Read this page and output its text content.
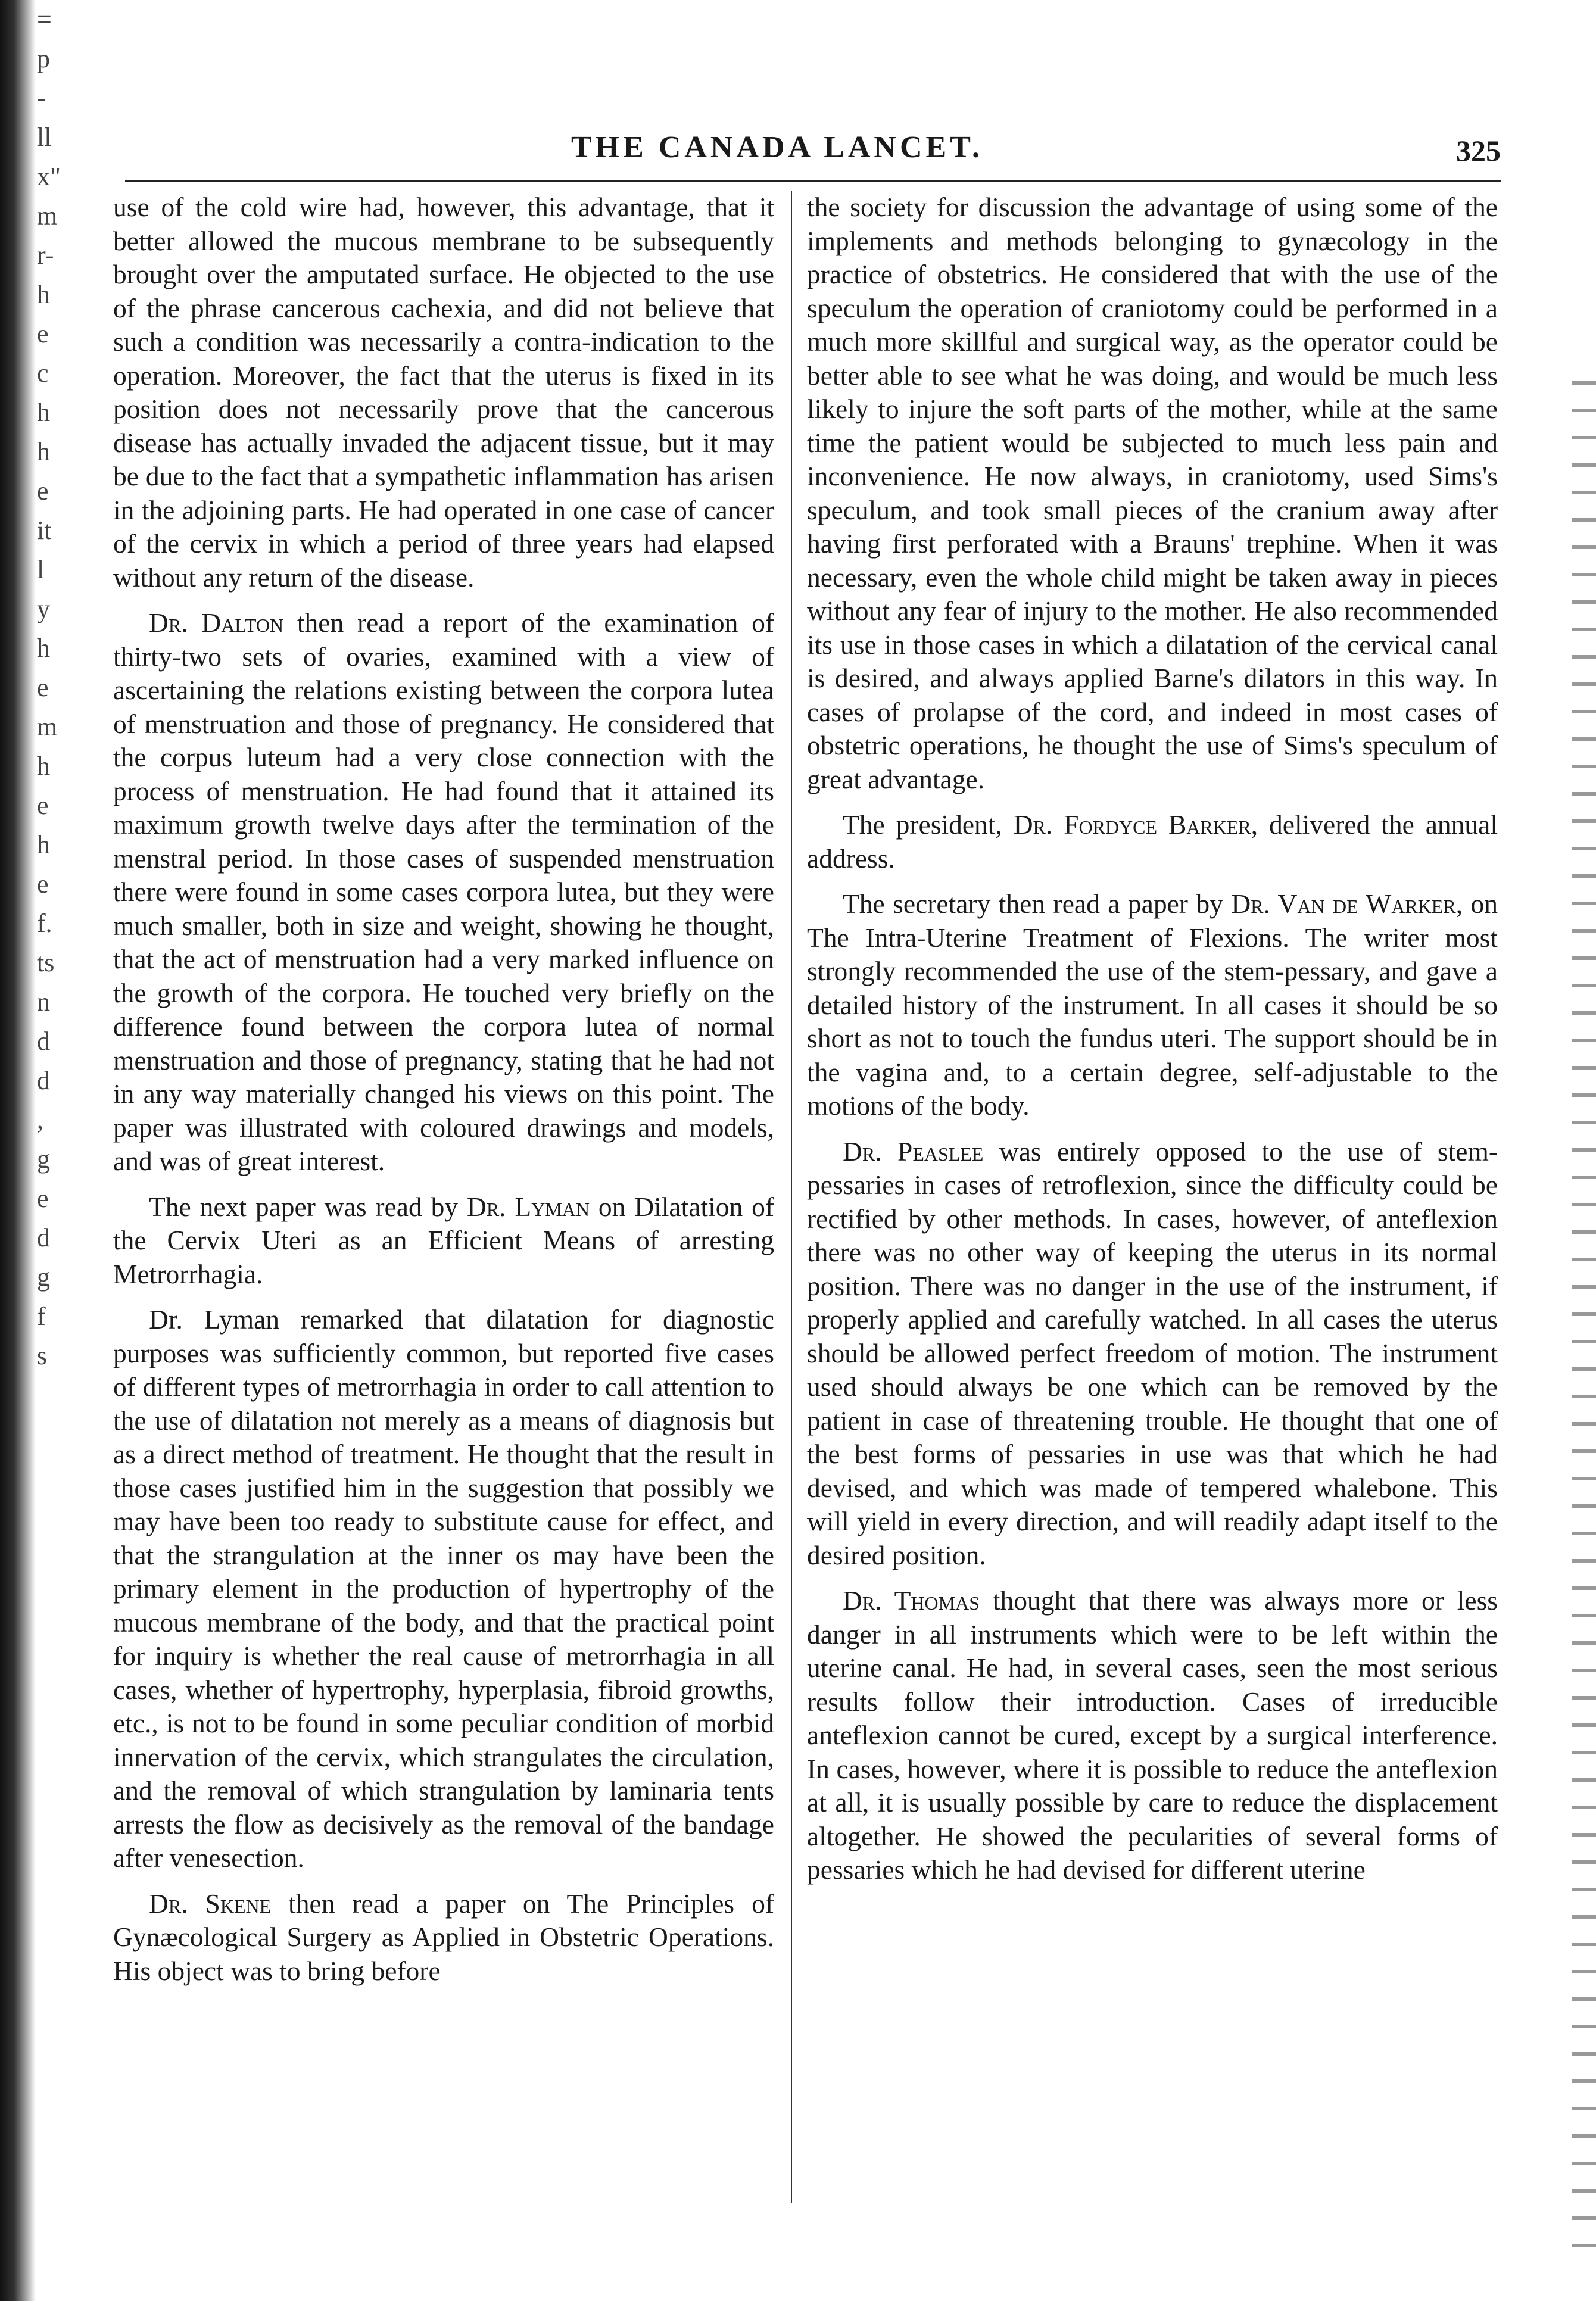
= p- ll x" m r- he ch he it ly he m he he f. ts n d d , g e d g f s
THE CANADA LANCET.	325

use of the cold wire had, however, this advantage, that it better allowed the mucous membrane to be subsequently brought over the amputated surface. He objected to the use of the phrase cancerous cachexia, and did not believe that such a condition was necessarily a contra-indication to the operation. Moreover, the fact that the uterus is fixed in its position does not necessarily prove that the cancerous disease has actually invaded the adjacent tissue, but it may be due to the fact that a sympathetic inflammation has arisen in the adjoining parts. He had operated in one case of cancer of the cervix in which a period of three years had elapsed without any return of the disease.

Dr. Dalton then read a report of the examination of thirty-two sets of ovaries, examined with a view of ascertaining the relations existing between the corpora lutea of menstruation and those of pregnancy. He considered that the corpus luteum had a very close connection with the process of menstruation. He had found that it attained its maximum growth twelve days after the termination of the menstral period. In those cases of suspended menstruation there were found in some cases corpora lutea, but they were much smaller, both in size and weight, showing he thought, that the act of menstruation had a very marked influence on the growth of the corpora. He touched very briefly on the difference found between the corpora lutea of normal menstruation and those of pregnancy, stating that he had not in any way materially changed his views on this point. The paper was illustrated with coloured drawings and models, and was of great interest.

The next paper was read by Dr. Lyman on Dilatation of the Cervix Uteri as an Efficient Means of arresting Metrorrhagia.

Dr. Lyman remarked that dilatation for diagnostic purposes was sufficiently common, but reported five cases of different types of metrorrhagia in order to call attention to the use of dilatation not merely as a means of diagnosis but as a direct method of treatment. He thought that the result in those cases justified him in the suggestion that possibly we may have been too ready to substitute cause for effect, and that the strangulation at the inner os may have been the primary element in the production of hypertrophy of the mucous membrane of the body, and that the practical point for inquiry is whether the real cause of metrorrhagia in all cases, whether of hypertrophy, hyperplasia, fibroid growths, etc., is not to be found in some peculiar condition of morbid innervation of the cervix, which strangulates the circulation, and the removal of which strangulation by laminaria tents arrests the flow as decisively as the removal of the bandage after venesection.

Dr. Skene then read a paper on The Principles of Gynæcological Surgery as Applied in Obstetric Operations. His object was to bring before

the society for discussion the advantage of using some of the implements and methods belonging to gynæcology in the practice of obstetrics. He considered that with the use of the speculum the operation of craniotomy could be performed in a much more skillful and surgical way, as the operator could be better able to see what he was doing, and would be much less likely to injure the soft parts of the mother, while at the same time the patient would be subjected to much less pain and inconvenience. He now always, in craniotomy, used Sims's speculum, and took small pieces of the cranium away after having first perforated with a Brauns' trephine. When it was necessary, even the whole child might be taken away in pieces without any fear of injury to the mother. He also recommended its use in those cases in which a dilatation of the cervical canal is desired, and always applied Barne's dilators in this way. In cases of prolapse of the cord, and indeed in most cases of obstetric operations, he thought the use of Sims's speculum of great advantage.

The president, Dr. Fordyce Barker, delivered the annual address.

The secretary then read a paper by Dr. Van de Warker, on The Intra-Uterine Treatment of Flexions. The writer most strongly recommended the use of the stem-pessary, and gave a detailed history of the instrument. In all cases it should be so short as not to touch the fundus uteri. The support should be in the vagina and, to a certain degree, self-adjustable to the motions of the body.

Dr. Peaslee was entirely opposed to the use of stem-pessaries in cases of retroflexion, since the difficulty could be rectified by other methods. In cases, however, of anteflexion there was no other way of keeping the uterus in its normal position. There was no danger in the use of the instrument, if properly applied and carefully watched. In all cases the uterus should be allowed perfect freedom of motion. The instrument used should always be one which can be removed by the patient in case of threatening trouble. He thought that one of the best forms of pessaries in use was that which he had devised, and which was made of tempered whalebone. This will yield in every direction, and will readily adapt itself to the desired position.

Dr. Thomas thought that there was always more or less danger in all instruments which were to be left within the uterine canal. He had, in several cases, seen the most serious results follow their introduction. Cases of irreducible anteflexion cannot be cured, except by a surgical interference. In cases, however, where it is possible to reduce the anteflexion at all, it is usually possible by care to reduce the displacement altogether. He showed the pecularities of several forms of pessaries which he had devised for different uterine
